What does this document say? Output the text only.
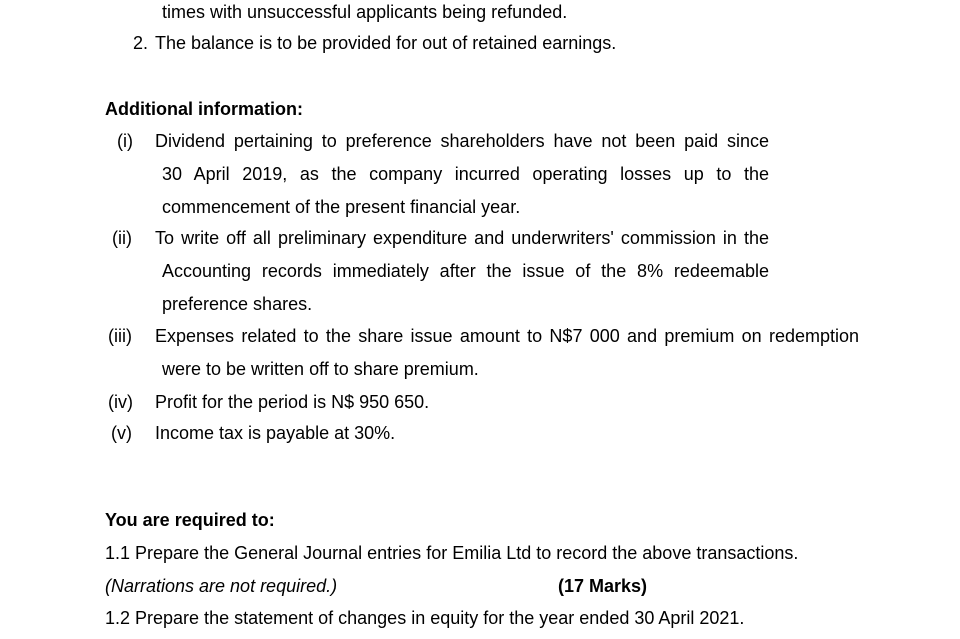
times with unsuccessful applicants being refunded.
2. The balance is to be provided for out of retained earnings.
Additional information:
(i) Dividend pertaining to preference shareholders have not been paid since
30 April 2019, as the company incurred operating losses up to the
commencement of the present financial year.
(ii) To write off all preliminary expenditure and underwriters' commission in the
Accounting records immediately after the issue of the 8% redeemable
preference shares.
(iii) Expenses related to the share issue amount to N$7 000 and premium on redemption
were to be written off to share premium.
(iv) Profit for the period is N$ 950 650.
(v) Income tax is payable at 30%.
You are required to:
1.1 Prepare the General Journal entries for Emilia Ltd to record the above transactions.
(Narrations are not required.)	(17 Marks)
1.2 Prepare the statement of changes in equity for the year ended 30 April 2021.
